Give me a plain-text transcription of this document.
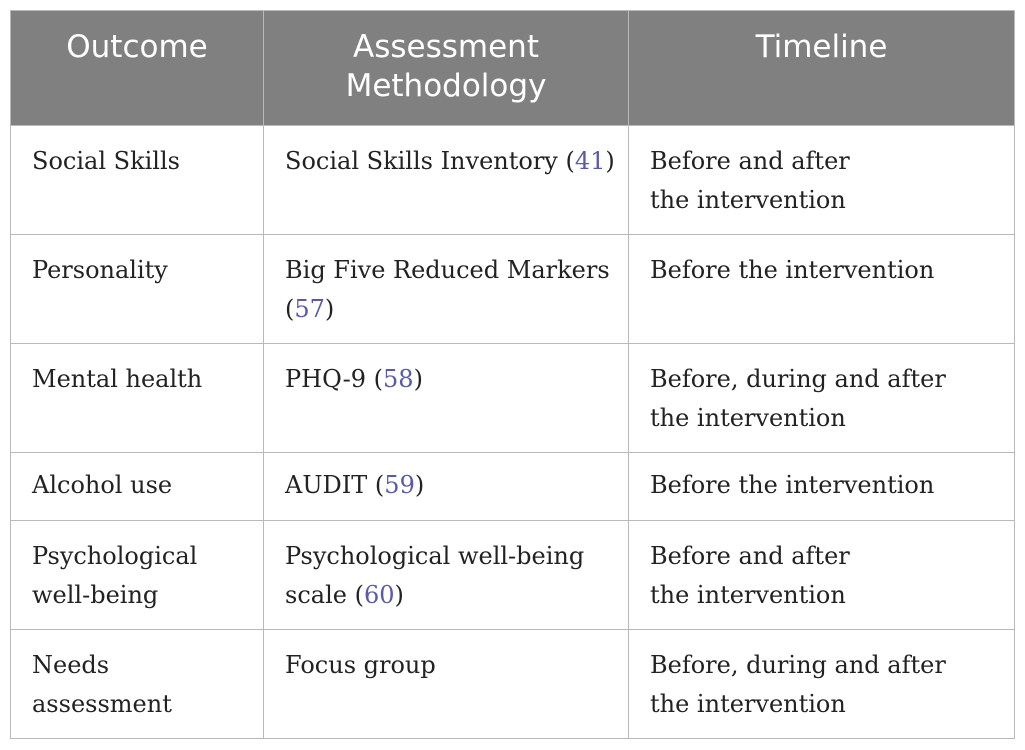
Outcome	Assessment Methodology	Timeline
Social Skills	Social Skills Inventory (41)	Before and after the intervention
Personality	Big Five Reduced Markers (57)	Before the intervention
Mental health	PHQ-9 (58)	Before, during and after the intervention
Alcohol use	AUDIT (59)	Before the intervention
Psychological well-being	Psychological well-being scale (60)	Before and after the intervention
Needs assessment	Focus group	Before, during and after the intervention
